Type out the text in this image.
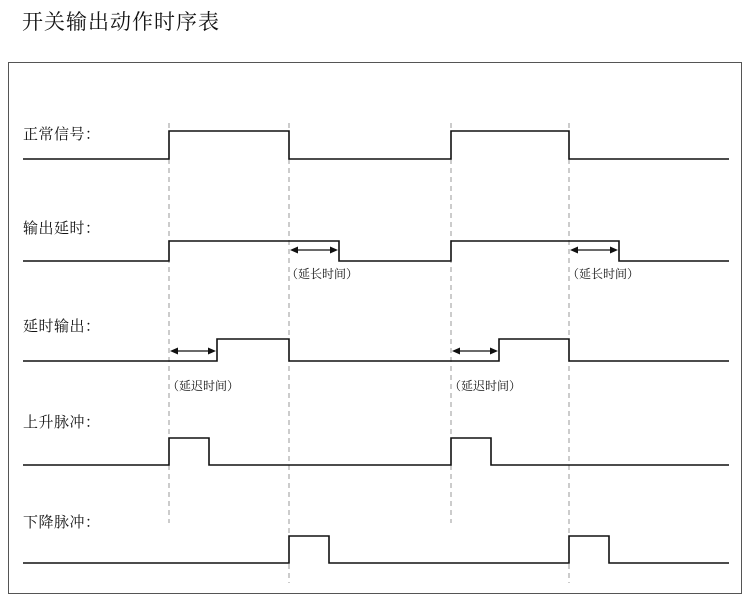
开关输出动作时序表
正常信号：
输出延时：
延时输出：
上升脉冲：
下降脉冲：
（延长时间）	（延长时间）
（延迟时间）	（延迟时间）
